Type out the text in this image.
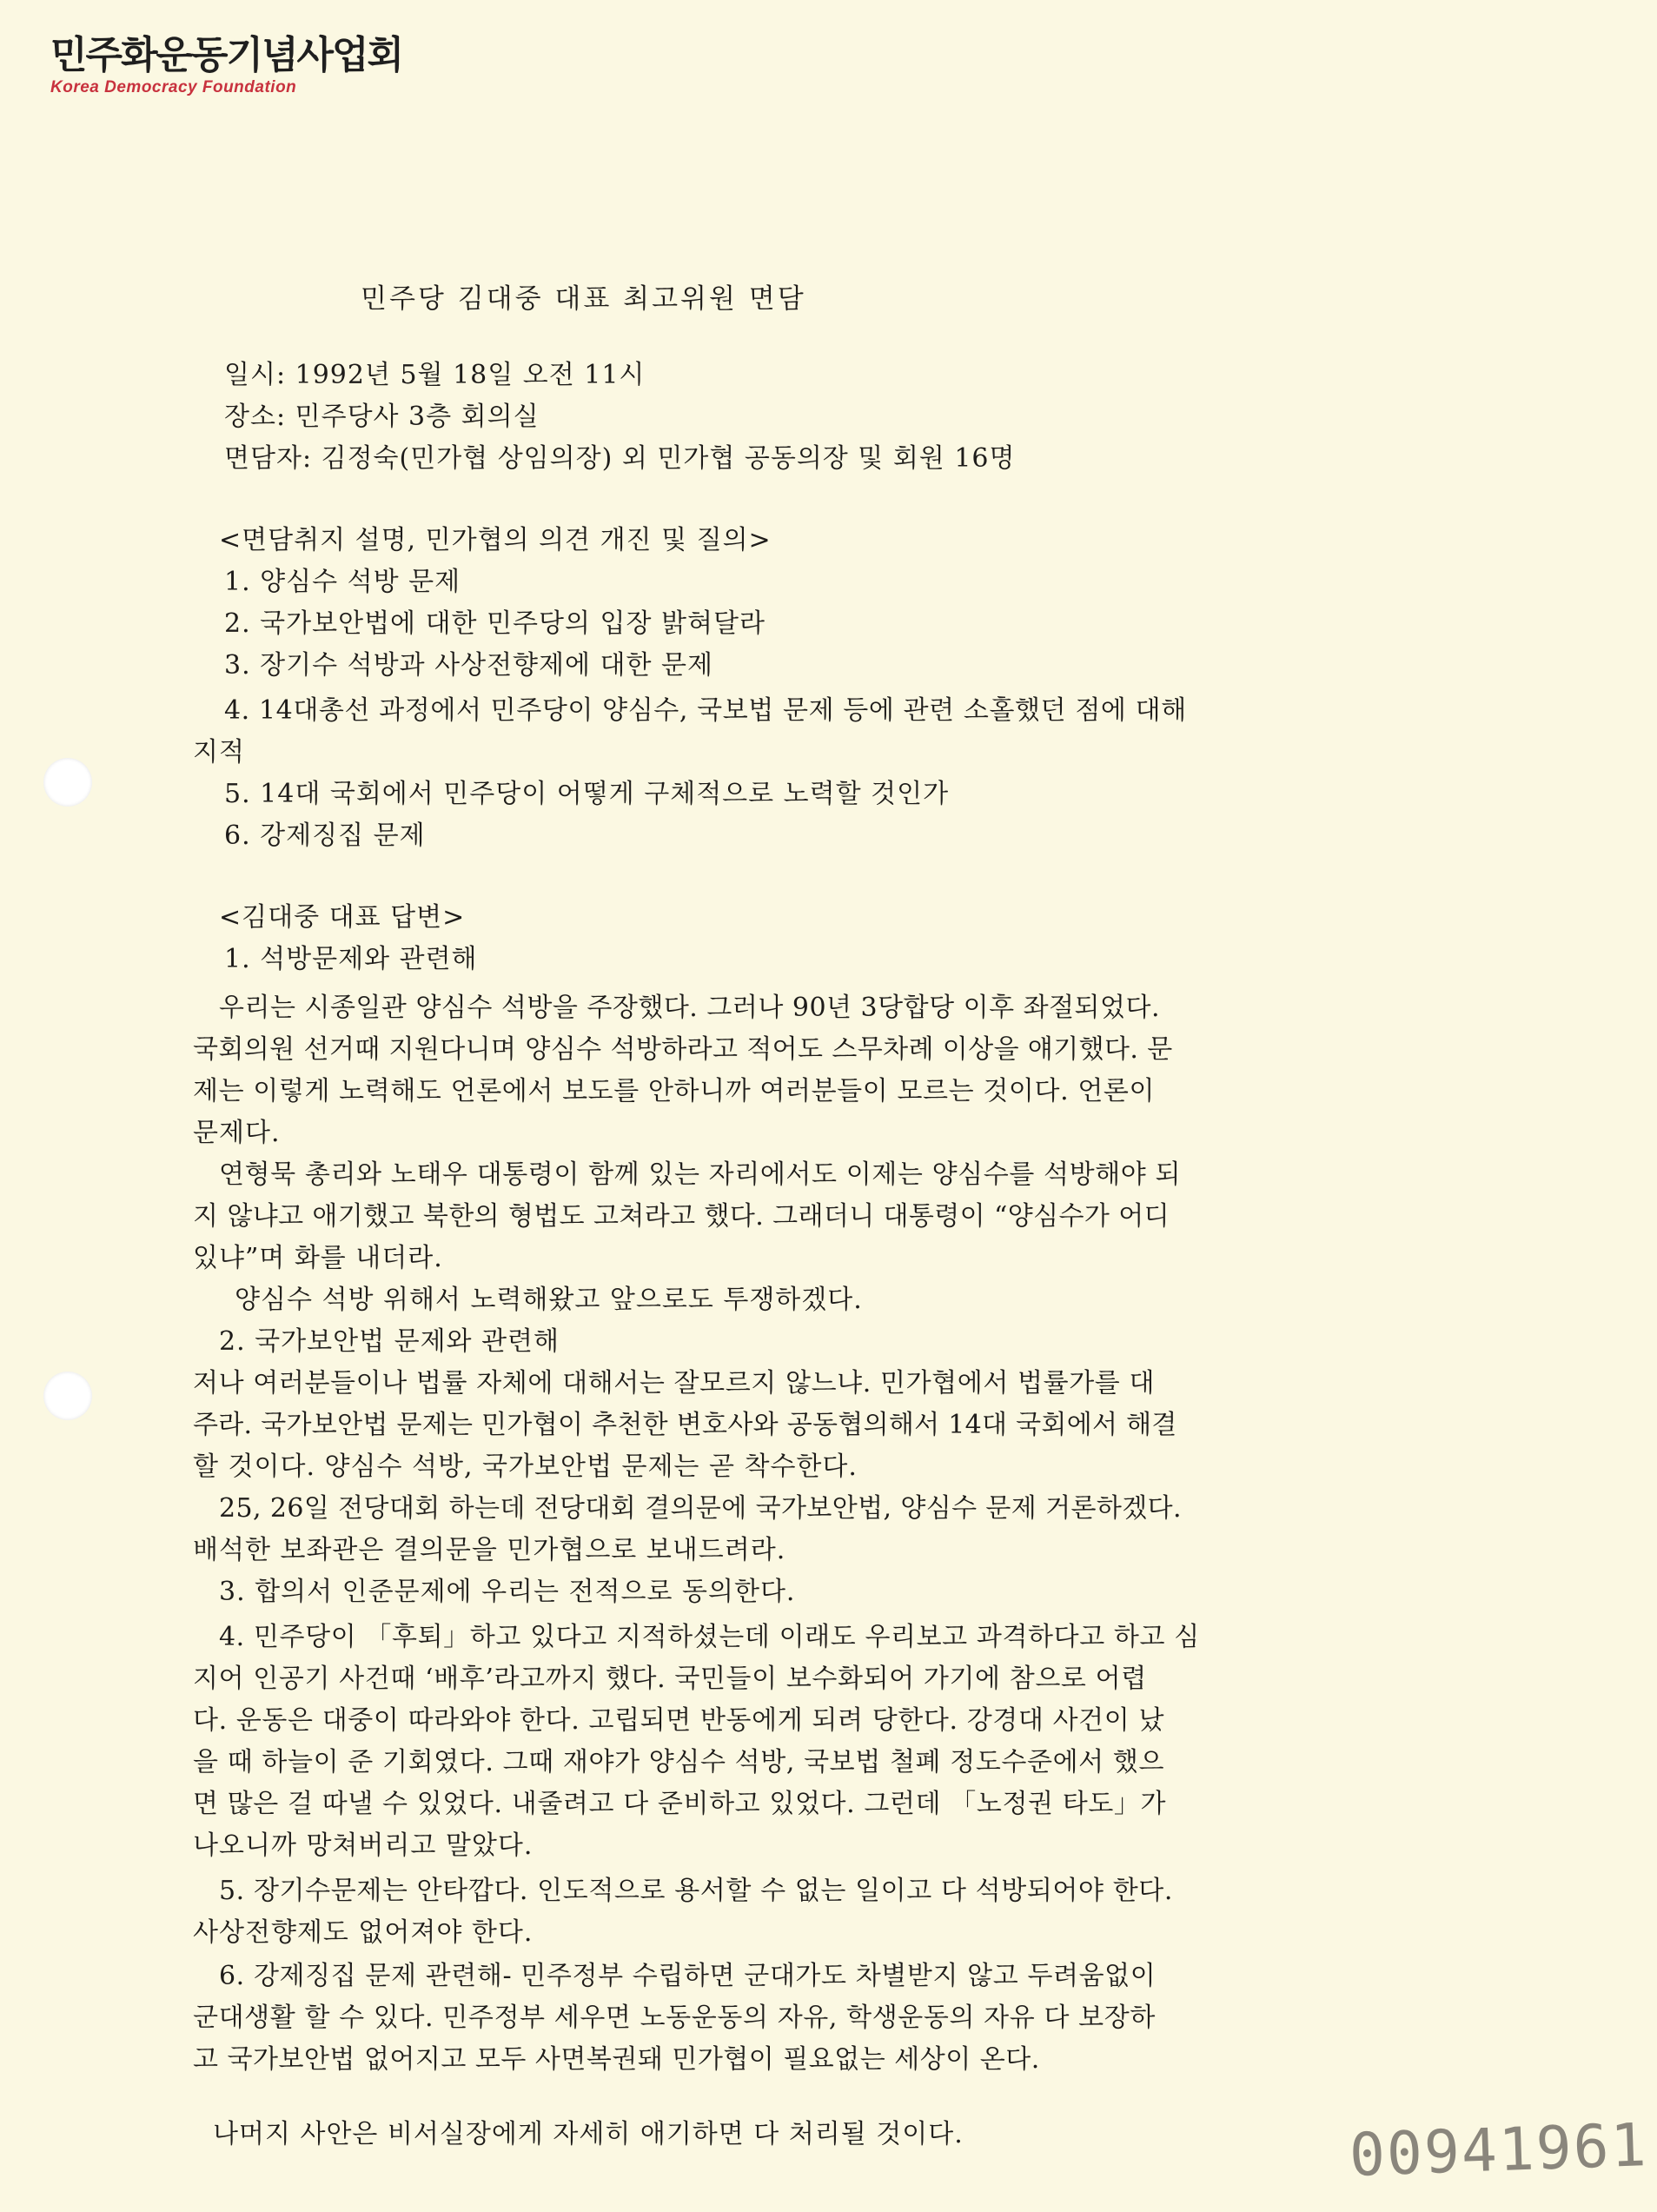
민주화운동기념사업회
Korea Democracy Foundation
민주당 김대중 대표 최고위원 면담
일시: 1992년 5월 18일 오전 11시
장소: 민주당사 3층 회의실
면담자: 김정숙(민가협 상임의장) 외 민가협 공동의장 및 회원 16명
<면담취지 설명, 민가협의 의견 개진 및 질의>
1. 양심수 석방 문제
2. 국가보안법에 대한 민주당의 입장 밝혀달라
3. 장기수 석방과 사상전향제에 대한 문제
4. 14대총선 과정에서 민주당이 양심수, 국보법 문제 등에 관련 소홀했던 점에 대해
지적
5. 14대 국회에서 민주당이 어떻게 구체적으로 노력할 것인가
6. 강제징집 문제
<김대중 대표 답변>
1. 석방문제와 관련해
우리는 시종일관 양심수 석방을 주장했다. 그러나 90년 3당합당 이후 좌절되었다.
국회의원 선거때 지원다니며 양심수 석방하라고 적어도 스무차례 이상을 얘기했다. 문
제는 이렇게 노력해도 언론에서 보도를 안하니까 여러분들이 모르는 것이다. 언론이
문제다.
연형묵 총리와 노태우 대통령이 함께 있는 자리에서도 이제는 양심수를 석방해야 되
지 않냐고 애기했고 북한의 형법도 고쳐라고 했다. 그래더니 대통령이 “양심수가 어디
있냐”며 화를 내더라.
양심수 석방 위해서 노력해왔고 앞으로도 투쟁하겠다.
2. 국가보안법 문제와 관련해
저나 여러분들이나 법률 자체에 대해서는 잘모르지 않느냐. 민가협에서 법률가를 대
주라. 국가보안법 문제는 민가협이 추천한 변호사와 공동협의해서 14대 국회에서 해결
할 것이다. 양심수 석방, 국가보안법 문제는 곧 착수한다.
25, 26일 전당대회 하는데 전당대회 결의문에 국가보안법, 양심수 문제 거론하겠다.
배석한 보좌관은 결의문을 민가협으로 보내드려라.
3. 합의서 인준문제에 우리는 전적으로 동의한다.
4. 민주당이 「후퇴」하고 있다고 지적하셨는데 이래도 우리보고 과격하다고 하고 심
지어 인공기 사건때 ‘배후’라고까지 했다. 국민들이 보수화되어 가기에 참으로 어렵
다. 운동은 대중이 따라와야 한다. 고립되면 반동에게 되려 당한다. 강경대 사건이 났
을 때 하늘이 준 기회였다. 그때 재야가 양심수 석방, 국보법 철폐 정도수준에서 했으
면 많은 걸 따낼 수 있었다. 내줄려고 다 준비하고 있었다. 그런데 「노정권 타도」가
나오니까 망쳐버리고 말았다.
5. 장기수문제는 안타깝다. 인도적으로 용서할 수 없는 일이고 다 석방되어야 한다.
사상전향제도 없어져야 한다.
6. 강제징집 문제 관련해- 민주정부 수립하면 군대가도 차별받지 않고 두려움없이
군대생활 할 수 있다. 민주정부 세우면 노동운동의 자유, 학생운동의 자유 다 보장하
고 국가보안법 없어지고 모두 사면복권돼 민가협이 필요없는 세상이 온다.
나머지 사안은 비서실장에게 자세히 애기하면 다 처리될 것이다.	00941961
